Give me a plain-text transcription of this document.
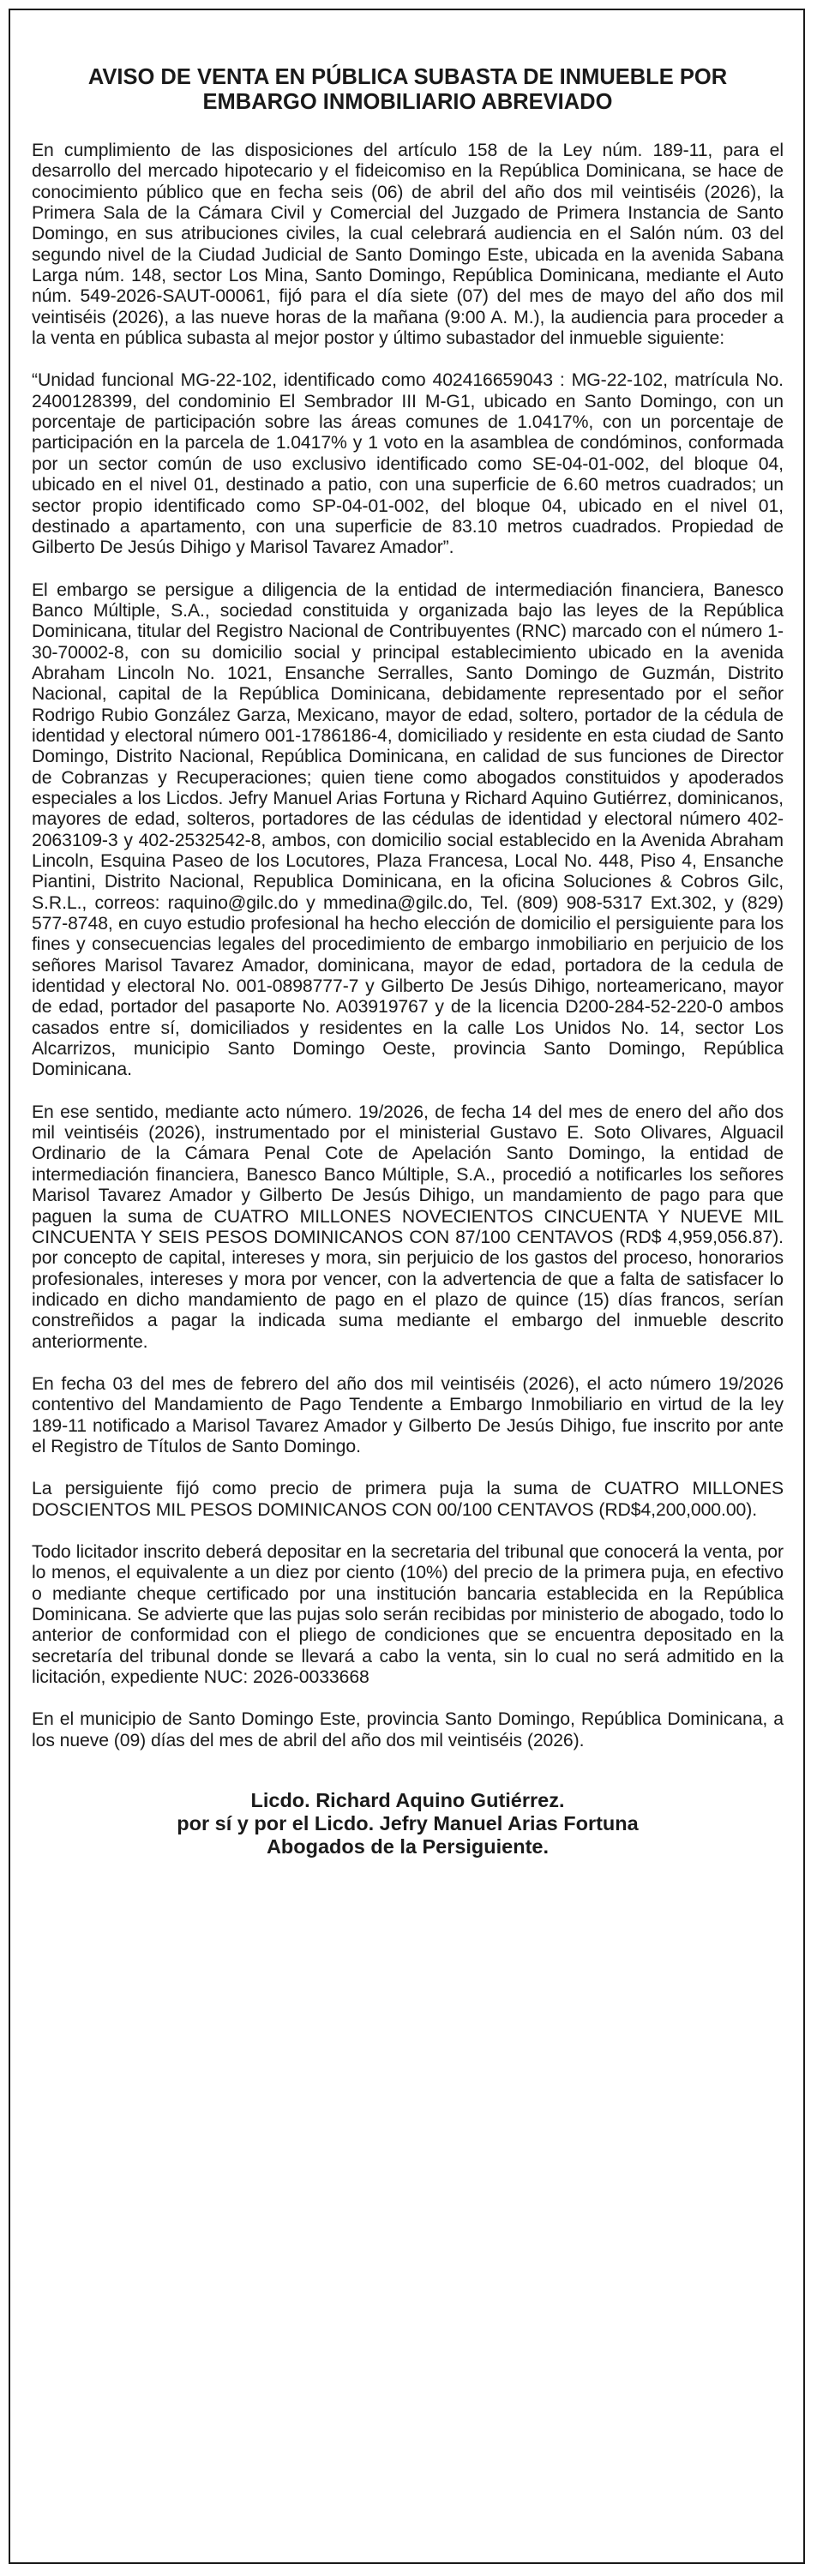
AVISO DE VENTA EN PÚBLICA SUBASTA DE INMUEBLE POR
EMBARGO INMOBILIARIO ABREVIADO

En cumplimiento de las disposiciones del artículo 158 de la Ley núm. 189-11, para el desarrollo del mercado hipotecario y el fideicomiso en la República Dominicana, se hace de conocimiento público que en fecha seis (06) de abril del año dos mil veintiséis (2026), la Primera Sala de la Cámara Civil y Comercial del Juzgado de Primera Instancia de Santo Domingo, en sus atribuciones civiles, la cual celebrará audiencia en el Salón núm. 03 del segundo nivel de la Ciudad Judicial de Santo Domingo Este, ubicada en la avenida Sabana Larga núm. 148, sector Los Mina, Santo Domingo, República Dominicana, mediante el Auto núm. 549-2026-SAUT-00061, fijó para el día siete (07) del mes de mayo del año dos mil veintiséis (2026), a las nueve horas de la mañana (9:00 A. M.), la audiencia para proceder a la venta en pública subasta al mejor postor y último subastador del inmueble siguiente:

“Unidad funcional MG-22-102, identificado como 402416659043 : MG-22-102, matrícula No. 2400128399, del condominio El Sembrador III M-G1, ubicado en Santo Domingo, con un porcentaje de participación sobre las áreas comunes de 1.0417%, con un porcentaje de participación en la parcela de 1.0417% y 1 voto en la asamblea de condóminos, conformada por un sector común de uso exclusivo identificado como SE-04-01-002, del bloque 04, ubicado en el nivel 01, destinado a patio, con una superficie de 6.60 metros cuadrados; un sector propio identificado como SP-04-01-002, del bloque 04, ubicado en el nivel 01, destinado a apartamento, con una superficie de 83.10 metros cuadrados. Propiedad de Gilberto De Jesús Dihigo y Marisol Tavarez Amador”.

El embargo se persigue a diligencia de la entidad de intermediación financiera, Banesco Banco Múltiple, S.A., sociedad constituida y organizada bajo las leyes de la República Dominicana, titular del Registro Nacional de Contribuyentes (RNC) marcado con el número 1-30-70002-8, con su domicilio social y principal establecimiento ubicado en la avenida Abraham Lincoln No. 1021, Ensanche Serralles, Santo Domingo de Guzmán, Distrito Nacional, capital de la República Dominicana, debidamente representado por el señor Rodrigo Rubio González Garza, Mexicano, mayor de edad, soltero, portador de la cédula de identidad y electoral número 001-1786186-4, domiciliado y residente en esta ciudad de Santo Domingo, Distrito Nacional, República Dominicana, en calidad de sus funciones de Director de Cobranzas y Recuperaciones; quien tiene como abogados constituidos y apoderados especiales a los Licdos. Jefry Manuel Arias Fortuna y Richard Aquino Gutiérrez, dominicanos, mayores de edad, solteros, portadores de las cédulas de identidad y electoral número 402-2063109-3 y 402-2532542-8, ambos, con domicilio social establecido en la Avenida Abraham Lincoln, Esquina Paseo de los Locutores, Plaza Francesa, Local No. 448, Piso 4, Ensanche Piantini, Distrito Nacional, Republica Dominicana, en la oficina Soluciones & Cobros Gilc, S.R.L., correos: raquino@gilc.do y mmedina@gilc.do, Tel. (809) 908-5317 Ext.302, y (829) 577-8748, en cuyo estudio profesional ha hecho elección de domicilio el persiguiente para los fines y consecuencias legales del procedimiento de embargo inmobiliario en perjuicio de los señores Marisol Tavarez Amador, dominicana, mayor de edad, portadora de la cedula de identidad y electoral No. 001-0898777-7 y Gilberto De Jesús Dihigo, norteamericano, mayor de edad, portador del pasaporte No. A03919767 y de la licencia D200-284-52-220-0 ambos casados entre sí, domiciliados y residentes en la calle Los Unidos No. 14, sector Los Alcarrizos, municipio Santo Domingo Oeste, provincia Santo Domingo, República Dominicana.

En ese sentido, mediante acto número. 19/2026, de fecha 14 del mes de enero del año dos mil veintiséis (2026), instrumentado por el ministerial Gustavo E. Soto Olivares, Alguacil Ordinario de la Cámara Penal Cote de Apelación Santo Domingo, la entidad de intermediación financiera, Banesco Banco Múltiple, S.A., procedió a notificarles los señores Marisol Tavarez Amador y Gilberto De Jesús Dihigo, un mandamiento de pago para que paguen la suma de CUATRO MILLONES NOVECIENTOS CINCUENTA Y NUEVE MIL CINCUENTA Y SEIS PESOS DOMINICANOS CON 87/100 CENTAVOS (RD$ 4,959,056.87). por concepto de capital, intereses y mora, sin perjuicio de los gastos del proceso, honorarios profesionales, intereses y mora por vencer, con la advertencia de que a falta de satisfacer lo indicado en dicho mandamiento de pago en el plazo de quince (15) días francos, serían constreñidos a pagar la indicada suma mediante el embargo del inmueble descrito anteriormente.

En fecha 03 del mes de febrero del año dos mil veintiséis (2026), el acto número 19/2026 contentivo del Mandamiento de Pago Tendente a Embargo Inmobiliario en virtud de la ley 189-11 notificado a Marisol Tavarez Amador y Gilberto De Jesús Dihigo, fue inscrito por ante el Registro de Títulos de Santo Domingo.

La persiguiente fijó como precio de primera puja la suma de CUATRO MILLONES DOSCIENTOS MIL PESOS DOMINICANOS CON 00/100 CENTAVOS (RD$4,200,000.00).

Todo licitador inscrito deberá depositar en la secretaria del tribunal que conocerá la venta, por lo menos, el equivalente a un diez por ciento (10%) del precio de la primera puja, en efectivo o mediante cheque certificado por una institución bancaria establecida en la República Dominicana. Se advierte que las pujas solo serán recibidas por ministerio de abogado, todo lo anterior de conformidad con el pliego de condiciones que se encuentra depositado en la secretaría del tribunal donde se llevará a cabo la venta, sin lo cual no será admitido en la licitación, expediente NUC: 2026-0033668

En el municipio de Santo Domingo Este, provincia Santo Domingo, República Dominicana, a los nueve (09) días del mes de abril del año dos mil veintiséis (2026).

Licdo. Richard Aquino Gutiérrez.
por sí y por el Licdo. Jefry Manuel Arias Fortuna
Abogados de la Persiguiente.
